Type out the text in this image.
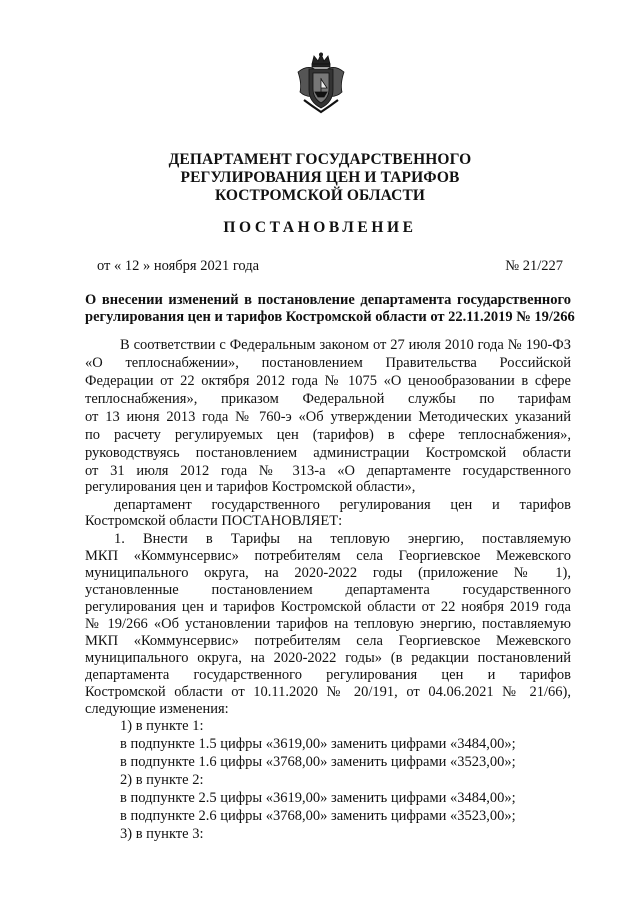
ДЕПАРТАМЕНТ ГОСУДАРСТВЕННОГО
РЕГУЛИРОВАНИЯ ЦЕН И ТАРИФОВ
КОСТРОМСКОЙ ОБЛАСТИ
ПОСТАНОВЛЕНИЕ
от « 12 » ноября 2021 года	№ 21/227
О внесении изменений в постановление департамента государственного
регулирования цен и тарифов Костромской области от 22.11.2019 № 19/266
В соответствии с Федеральным законом от 27 июля 2010 года № 190-ФЗ
«О теплоснабжении», постановлением Правительства Российской
Федерации от 22 октября 2012 года № 1075 «О ценообразовании в сфере
теплоснабжения», приказом Федеральной службы по тарифам
от 13 июня 2013 года № 760-э «Об утверждении Методических указаний
по расчету регулируемых цен (тарифов) в сфере теплоснабжения»,
руководствуясь постановлением администрации Костромской области
от 31 июля 2012 года № 313-а «О департаменте государственного
регулирования цен и тарифов Костромской области»,
департамент государственного регулирования цен и тарифов
Костромской области ПОСТАНОВЛЯЕТ:
1. Внести в Тарифы на тепловую энергию, поставляемую
МКП «Коммунсервис» потребителям села Георгиевское Межевского
муниципального округа, на 2020-2022 годы (приложение № 1),
установленные постановлением департамента государственного
регулирования цен и тарифов Костромской области от 22 ноября 2019 года
№ 19/266 «Об установлении тарифов на тепловую энергию, поставляемую
МКП «Коммунсервис» потребителям села Георгиевское Межевского
муниципального округа, на 2020-2022 годы» (в редакции постановлений
департамента государственного регулирования цен и тарифов
Костромской области от 10.11.2020 № 20/191, от 04.06.2021 № 21/66),
следующие изменения:
1) в пункте 1:
в подпункте 1.5 цифры «3619,00» заменить цифрами «3484,00»;
в подпункте 1.6 цифры «3768,00» заменить цифрами «3523,00»;
2) в пункте 2:
в подпункте 2.5 цифры «3619,00» заменить цифрами «3484,00»;
в подпункте 2.6 цифры «3768,00» заменить цифрами «3523,00»;
3) в пункте 3:
